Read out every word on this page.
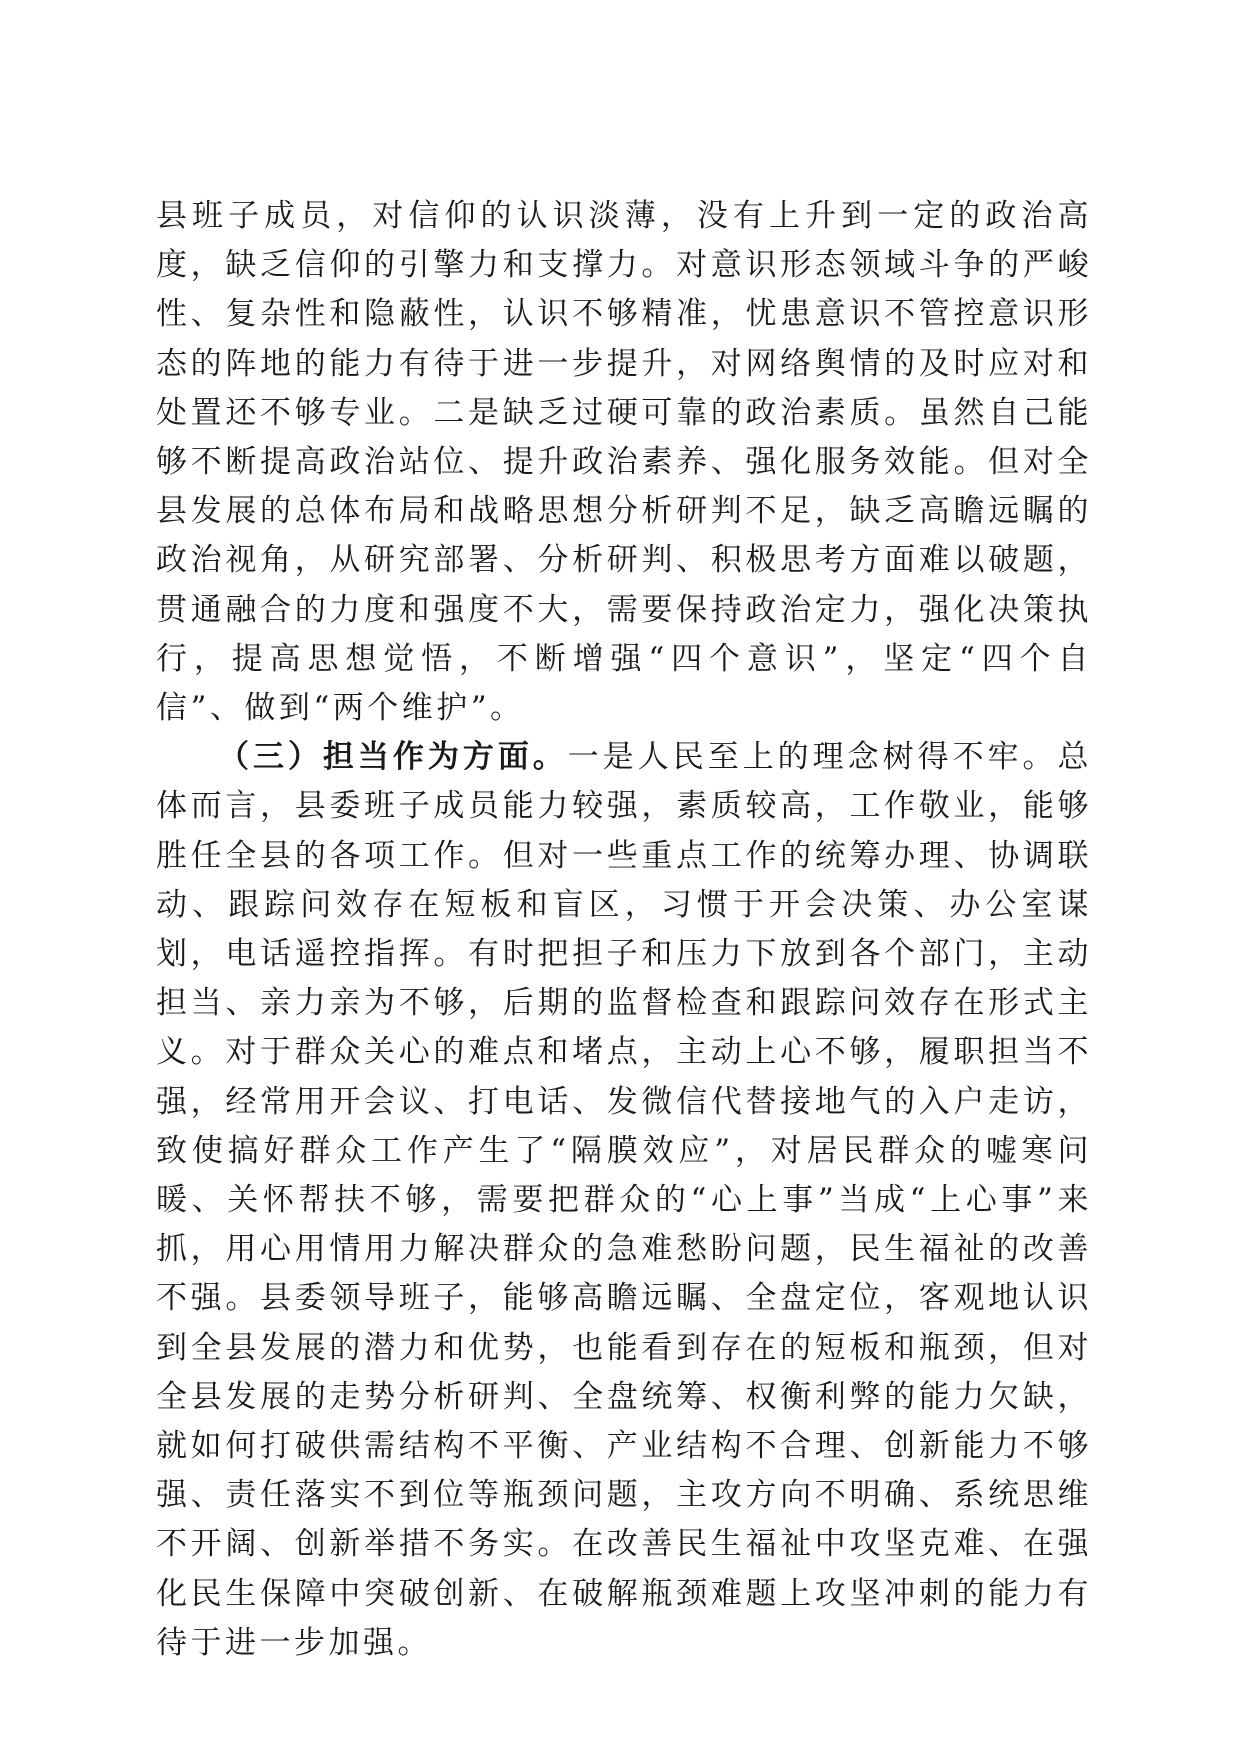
县班子成员，对信仰的认识淡薄，没有上升到一定的政治高度，缺乏信仰的引擎力和支撑力。对意识形态领域斗争的严峻性、复杂性和隐蔽性，认识不够精准，忧患意识不管控意识形态的阵地的能力有待于进一步提升，对网络舆情的及时应对和处置还不够专业。二是缺乏过硬可靠的政治素质。虽然自己能够不断提高政治站位、提升政治素养、强化服务效能。但对全县发展的总体布局和战略思想分析研判不足，缺乏高瞻远瞩的政治视角，从研究部署、分析研判、积极思考方面难以破题，贯通融合的力度和强度不大，需要保持政治定力，强化决策执行，提高思想觉悟，不断增强“四个意识”，坚定“四个自信”、做到“两个维护”。

（三）担当作为方面。一是人民至上的理念树得不牢。总体而言，县委班子成员能力较强，素质较高，工作敬业，能够胜任全县的各项工作。但对一些重点工作的统筹办理、协调联动、跟踪问效存在短板和盲区，习惯于开会决策、办公室谋划，电话遥控指挥。有时把担子和压力下放到各个部门，主动担当、亲力亲为不够，后期的监督检查和跟踪问效存在形式主义。对于群众关心的难点和堵点，主动上心不够，履职担当不强，经常用开会议、打电话、发微信代替接地气的入户走访，致使搞好群众工作产生了“隔膜效应”，对居民群众的嘘寒问暖、关怀帮扶不够，需要把群众的“心上事”当成“上心事”来抓，用心用情用力解决群众的急难愁盼问题，民生福祉的改善不强。县委领导班子，能够高瞻远瞩、全盘定位，客观地认识到全县发展的潜力和优势，也能看到存在的短板和瓶颈，但对全县发展的走势分析研判、全盘统筹、权衡利弊的能力欠缺，就如何打破供需结构不平衡、产业结构不合理、创新能力不够强、责任落实不到位等瓶颈问题，主攻方向不明确、系统思维不开阔、创新举措不务实。在改善民生福祉中攻坚克难、在强化民生保障中突破创新、在破解瓶颈难题上攻坚冲刺的能力有待于进一步加强。
